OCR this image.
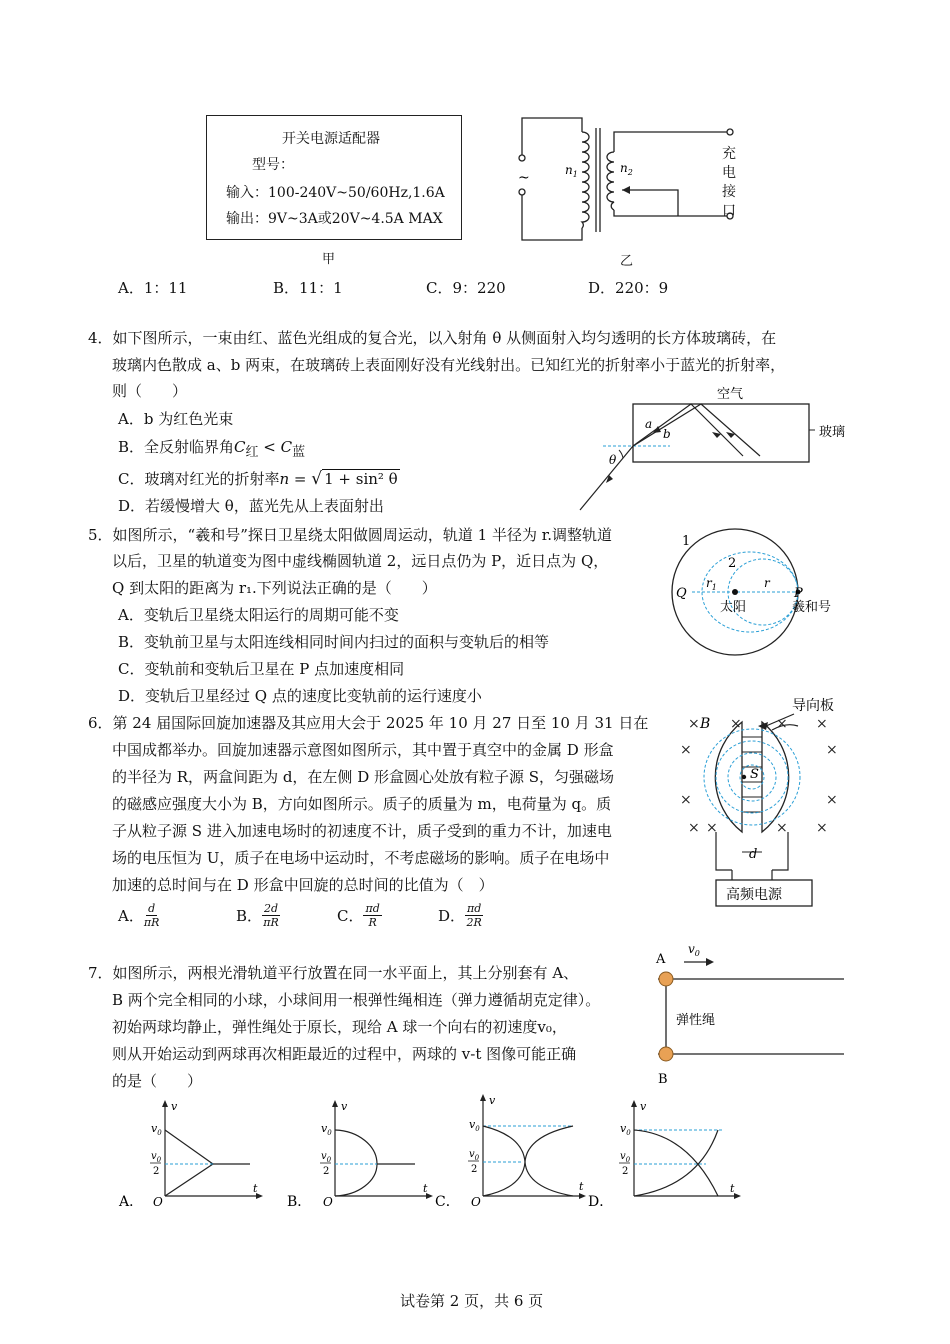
开关电源适配器
型号：
输入：100-240V~50/60Hz,1.6A
输出：9V~3A或20V~4.5A MAX
甲
~	$n_1$	$n_2$
充电接口
乙
A．1：11	B．11：1	C．9：220	D．220：9
4．如下图所示，一束由红、蓝色光组成的复合光，以入射角 θ 从侧面射入均匀透明的长方体玻璃砖，在
玻璃内色散成 a、b 两束，在玻璃砖上表面刚好没有光线射出。已知红光的折射率小于蓝光的折射率，
则（　　）
A．b 为红色光束
B．全反射临界角$C_红 < C_蓝$
C．玻璃对红光的折射率n = √ 1 + sin² θ
D．若缓慢增大 θ，蓝光先从上表面射出
空气
玻璃
a
b
θ
5．如图所示，“羲和号”探日卫星绕太阳做圆周运动，轨道 1 半径为 r.调整轨道
以后，卫星的轨道变为图中虚线椭圆轨道 2，远日点仍为 P，近日点为 Q，
Q 到太阳的距离为 r₁.下列说法正确的是（　　）
A．变轨后卫星绕太阳运行的周期可能不变
B．变轨前卫星与太阳连线相同时间内扫过的面积与变轨后的相等
C．变轨前和变轨后卫星在 P 点加速度相同
D．变轨后卫星经过 Q 点的速度比变轨前的运行速度小
1
2
Q	P
$r_1$	r
太阳	羲和号
6．第 24 届国际回旋加速器及其应用大会于 2025 年 10 月 27 日至 10 月 31 日在
中国成都举办。回旋加速器示意图如图所示，其中置于真空中的金属 D 形盒
的半径为 R，两盒间距为 d，在左侧 D 形盒圆心处放有粒子源 S，匀强磁场
的磁感应强度大小为 B，方向如图所示。质子的质量为 m，电荷量为 q。质
子从粒子源 S 进入加速电场时的初速度不计，质子受到的重力不计，加速电
场的电压恒为 U，质子在电场中运动时，不考虑磁场的影响。质子在电场中
加速的总时间与在 D 形盒中回旋的总时间的比值为（　）
A． d
πR	B． 2d
πR	C． πd
R	D． πd
2R
× × × ×
×	×
×	×
×	× ×
×
B
S
d
导向板
高频电源
7．如图所示，两根光滑轨道平行放置在同一水平面上，其上分别套有 A、
B 两个完全相同的小球，小球间用一根弹性绳相连（弹力遵循胡克定律）。
初始两球均静止，弹性绳处于原长，现给 A 球一个向右的初速度v₀，
则从开始运动到两球再次相距最近的过程中，两球的 v-t 图像可能正确
的是（　　）
A
B
$v_0$
弹性绳
v
t
O
$v_0$
$v_0$
2
A．
v
t
O
$v_0$
$v_0$
2
B．
v
t
O
$v_0$
$v_0$
2
C．
v
t
$v_0$
$v_0$
2
D．
试卷第 2 页，共 6 页
